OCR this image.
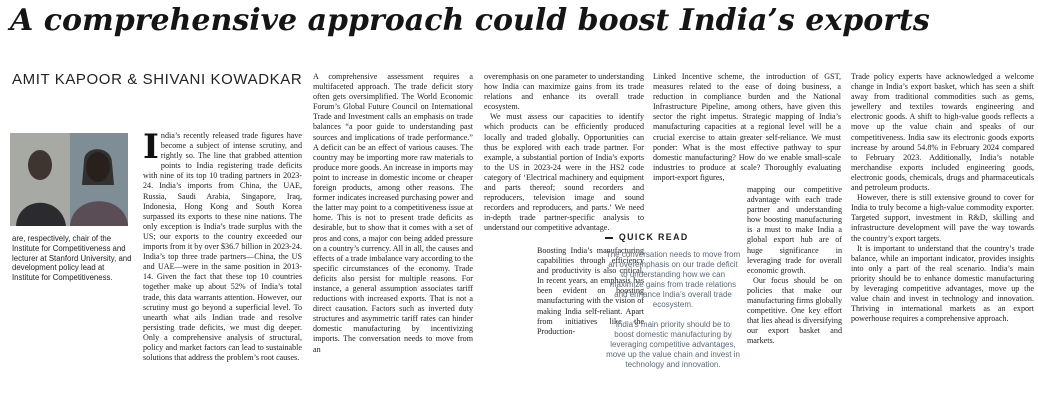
A comprehensive approach could boost India’s exports
AMIT KAPOOR & SHIVANI KOWADKAR
are, respectively, chair of the Institute for Competitiveness and lecturer at Stanford University, and development policy lead at Institute for Competitiveness.

India’s recently released trade figures have become a subject of intense scrutiny, and rightly so. The line that grabbed attention points to India registering trade deficits with nine of its top 10 trading partners in 2023-24. India’s imports from China, the UAE, Russia, Saudi Arabia, Singapore, Iraq, Indonesia, Hong Kong and South Korea surpassed its exports to these nine nations. The only exception is India’s trade surplus with the US; our exports to the country exceeded our imports from it by over $36.7 billion in 2023-24. India’s top three trade partners—China, the US and UAE—were in the same position in 2013-14. Given the fact that these top 10 countries together make up about 52% of India’s total trade, this data warrants attention. However, our scrutiny must go beyond a superficial level. To unearth what ails Indian trade and resolve persisting trade deficits, we must dig deeper. Only a comprehensive analysis of structural, policy and market factors can lead to sustainable solutions that address the problem’s root causes.

A comprehensive assessment requires a multifaceted approach. The trade deficit story often gets oversimplified. The World Economic Forum’s Global Future Council on International Trade and Investment calls an emphasis on trade balances “a poor guide to understanding past sources and implications of trade performance.” A deficit can be an effect of various causes. The country may be importing more raw materials to produce more goods. An increase in imports may point to increase in domestic income or cheaper foreign products, among other reasons. The former indicates increased purchasing power and the latter may point to a competitiveness issue at home. This is not to present trade deficits as desirable, but to show that it comes with a set of pros and cons, a major con being added pressure on a country’s currency. All in all, the causes and effects of a trade imbalance vary according to the specific circumstances of the economy. Trade deficits also persist for multiple reasons. For instance, a general assumption associates tariff reductions with increased exports. That is not a direct causation. Factors such as inverted duty structures and asymmetric tariff rates can hinder domestic manufacturing by incentivizing imports. The conversation needs to move from an

overemphasis on one parameter to understanding how India can maximize gains from its trade relations and enhance its overall trade ecosystem.

We must assess our capacities to identify which products can be efficiently produced locally and traded globally. Opportunities can thus be explored with each trade partner. For example, a substantial portion of India’s exports to the US in 2023-24 were in the HS2 code category of ‘Electrical machinery and equipment and parts thereof; sound recorders and reproducers, television image and sound recorders and reproducers, and parts.’ We need in-depth trade partner-specific analysis to understand our competitive advantage.

Boosting India’s manufacturing capabilities through efficiency and productivity is also critical. In recent years, an emphasis has been evident on boosting manufacturing with the vision of making India self-reliant. Apart from initiatives like the Production-

QUICK READ
The conversation needs to move from an overemphasis on our trade deficit to understanding how we can maximize gains from trade relations and enhance India’s overall trade ecosystem.
India’s main priority should be to boost domestic manufacturing by leveraging competitive advantages, move up the value chain and invest in technology and innovation.

Linked Incentive scheme, the introduction of GST, measures related to the ease of doing business, a reduction in compliance burden and the National Infrastructure Pipeline, among others, have given this sector the right impetus. Strategic mapping of India’s manufacturing capacities at a regional level will be a crucial exercise to attain greater self-reliance. We must ponder: What is the most effective pathway to spur domestic manufacturing? How do we enable small-scale industries to produce at scale? Thoroughly evaluating import-export figures,

mapping our competitive advantage with each trade partner and understanding how boosting manufacturing is a must to make India a global export hub are of huge significance in leveraging trade for overall economic growth.

Our focus should be on policies that make our manufacturing firms globally competitive. One key effort that lies ahead is diversifying our export basket and markets.

Trade policy experts have acknowledged a welcome change in India’s export basket, which has seen a shift away from traditional commodities such as gems, jewellery and textiles towards engineering and electronic goods. A shift to high-value goods reflects a move up the value chain and speaks of our competitiveness. India saw its electronic goods exports increase by around 54.8% in February 2024 compared to February 2023. Additionally, India’s notable merchandise exports included engineering goods, electronic goods, chemicals, drugs and pharmaceuticals and petroleum products.

However, there is still extensive ground to cover for India to truly become a high-value commodity exporter. Targeted support, investment in R&D, skilling and infrastructure development will pave the way towards the country’s export targets.

It is important to understand that the country’s trade balance, while an important indicator, provides insights into only a part of the real scenario. India’s main priority should be to enhance domestic manufacturing by leveraging competitive advantages, move up the value chain and invest in technology and innovation. Thriving in international markets as an export powerhouse requires a comprehensive approach.
